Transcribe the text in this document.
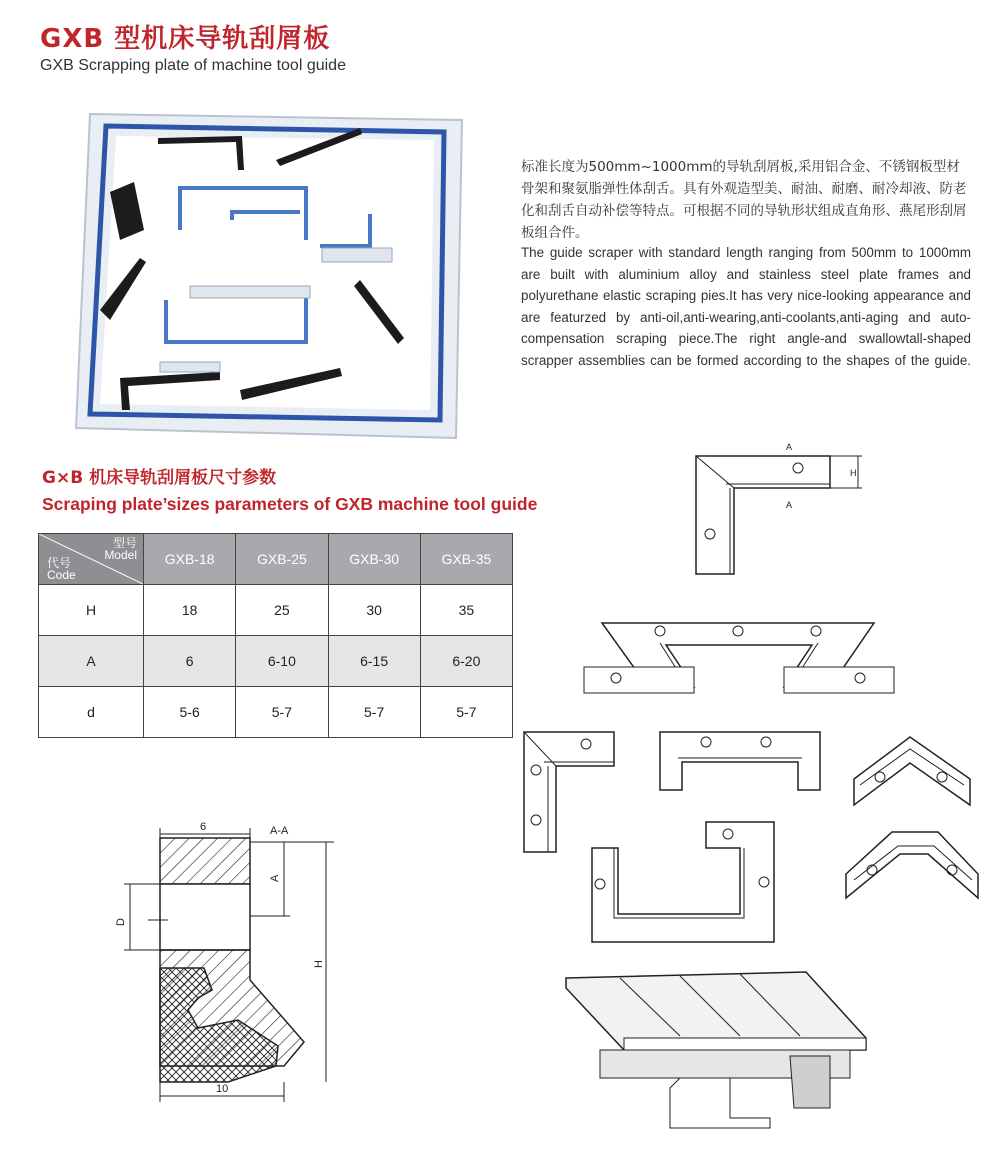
GXB 型机床导轨刮屑板
GXB Scrapping plate of machine tool guide
标准长度为500mm~1000mm的导轨刮屑板,采用铝合金、不锈钢板型材骨架和聚氨脂弹性体刮舌。具有外观造型美、耐油、耐磨、耐冷却液、防老化和刮舌自动补偿等特点。可根据不同的导轨形状组成直角形、燕尾形刮屑板组合件。
The guide scraper with standard length ranging from 500mm to 1000mm are built with aluminium alloy and stainless steel plate frames and polyurethane elastic scraping pies.It has very nice-looking appearance and are featurzed by anti-oil,anti-wearing,anti-coolants,anti-aging and auto-compensation scraping piece.The right angle-and swallowtall-shaped scrapper assemblies can be formed according to the shapes of the guide.
G×B 机床导轨刮屑板尺寸参数
Scraping plate’sizes parameters of GXB machine tool guide
型号
Model
代号
Code	GXB-18	GXB-25	GXB-30	GXB-35
H	18	25	30	35
A	6	6-10	6-15	6-20
d	5-6	5-7	5-7	5-7
A
A
H
6	A-A
H
A
D
10
